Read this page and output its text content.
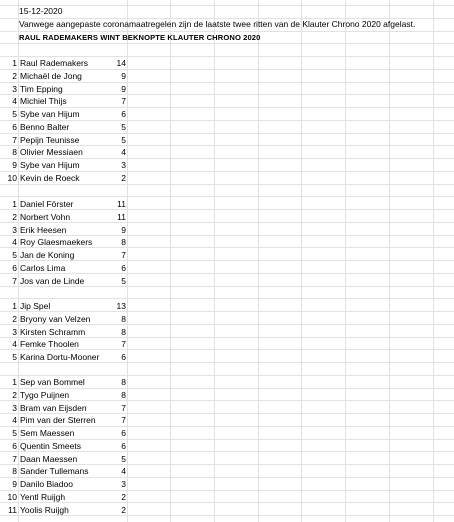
15-12-2020
Vanwege aangepaste coronamaatregelen zijn de laatste twee ritten van de Klauter Chrono 2020 afgelast.
RAUL RADEMAKERS WINT BEKNOPTE KLAUTER CHRONO 2020
1 Raul Rademakers	14
2 Michaël de Jong	9
3 Tim Epping	9
4 Michiel Thijs	7
5 Sybe van Hijum	6
6 Benno Balter	5
7 Pepijn Teunisse	5
8 Olivier Messiaen	4
9 Sybe van Hijum	3
10 Kevin de Roeck	2
1 Daniel Förster	11
2 Norbert Vohn	11
3 Erik Heesen	9
4 Roy Glaesmaekers	8
5 Jan de Koning	7
6 Carlos Lima	6
7 Jos van de Linde	5
1 Jip Spel	13
2 Bryony van Velzen	8
3 Kirsten Schramm	8
4 Femke Thoolen	7
5 Karina Dortu-Mooner	6
1 Sep van Bommel	8
2 Tygo Puijnen	8
3 Bram van Eijsden	7
4 Pim van der Sterren	7
5 Sem Maessen	6
6 Quentin Smeets	6
7 Daan Maessen	5
8 Sander Tullemans	4
9 Danilo Biadoo	3
10 Yentl Ruijgh	2
11 Yoolis Ruijgh	2
